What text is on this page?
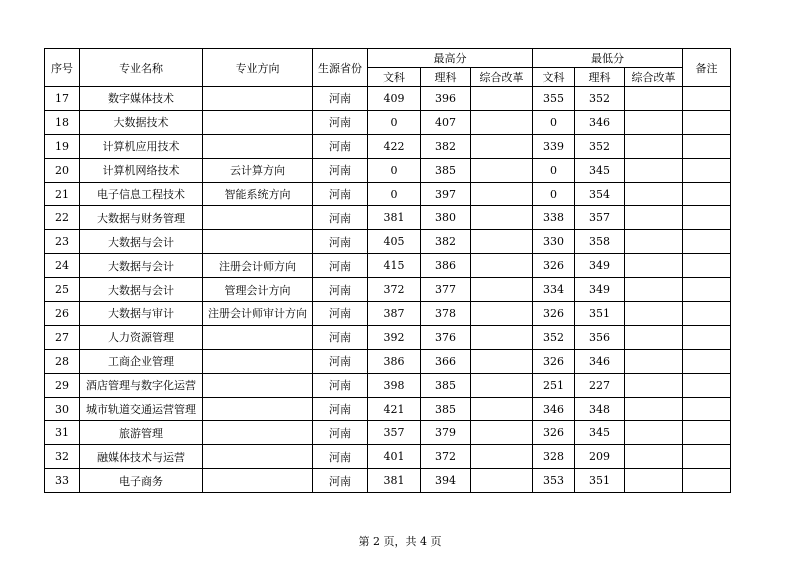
序号	专业名称	专业方向	生源省份	最高分			最低分			备注
				文科	理科	综合改革	文科	理科	综合改革	
17	数字媒体技术		河南	409	396		355	352		
18	大数据技术		河南	0	407		0	346		
19	计算机应用技术		河南	422	382		339	352		
20	计算机网络技术	云计算方向	河南	0	385		0	345		
21	电子信息工程技术	智能系统方向	河南	0	397		0	354		
22	大数据与财务管理		河南	381	380		338	357		
23	大数据与会计		河南	405	382		330	358		
24	大数据与会计	注册会计师方向	河南	415	386		326	349		
25	大数据与会计	管理会计方向	河南	372	377		334	349		
26	大数据与审计	注册会计师审计方向	河南	387	378		326	351		
27	人力资源管理		河南	392	376		352	356		
28	工商企业管理		河南	386	366		326	346		
29	酒店管理与数字化运营		河南	398	385		251	227		
30	城市轨道交通运营管理		河南	421	385		346	348		
31	旅游管理		河南	357	379		326	345		
32	融媒体技术与运营		河南	401	372		328	209		
33	电子商务		河南	381	394		353	351		
第 2 页，共 4 页
